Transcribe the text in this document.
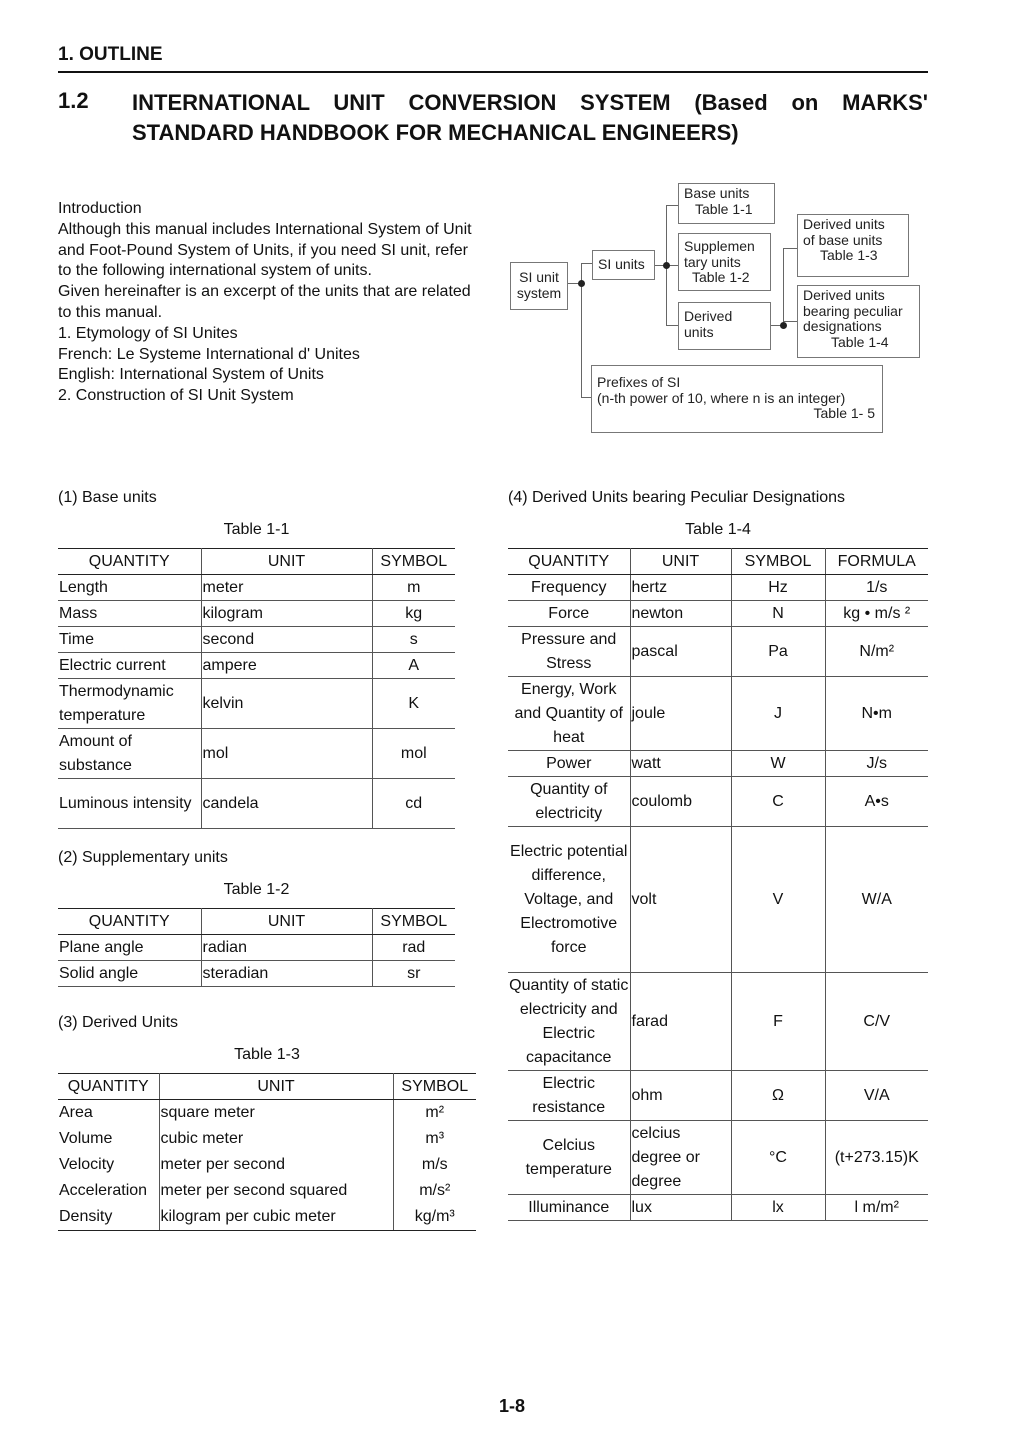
1. OUTLINE
1.2 INTERNATIONAL UNIT CONVERSION SYSTEM (Based on MARKS' STANDARD HANDBOOK FOR MECHANICAL ENGINEERS)
Introduction
Although this manual includes International System of Unit
and Foot-Pound System of Units, if you need SI unit, refer
to the following international system of units.
Given hereinafter is an excerpt of the units that are related
to this manual.
1. Etymology of SI Unites
French: Le Systeme International d' Unites
English: International System of Units
2. Construction of SI Unit System
SI unit
system
SI units
Base units
Table 1-1
Supplemen
tary units
Table 1-2
Derived
units
Derived units
of base units
Table 1-3
Derived units
bearing peculiar
designations
Table 1-4
Prefixes of SI
(n-th power of 10, where n is an integer)
Table 1- 5
(1) Base units
Table 1-1
QUANTITY	UNIT	SYMBOL
Length	meter	m
Mass	kilogram	kg
Time	second	s
Electric current	ampere	A
Thermodynamic temperature	kelvin	K
Amount of substance	mol	mol
Luminous intensity	candela	cd
(2) Supplementary units
Table 1-2
QUANTITY	UNIT	SYMBOL
Plane angle	radian	rad
Solid angle	steradian	sr
(3) Derived Units
Table 1-3
QUANTITY	UNIT	SYMBOL
Area	square meter	m²
Volume	cubic meter	m³
Velocity	meter per second	m/s
Acceleration	meter per second squared	m/s²
Density	kilogram per cubic meter	kg/m³
(4) Derived Units bearing Peculiar Designations
Table 1-4
QUANTITY	UNIT	SYMBOL	FORMULA
Frequency	hertz	Hz	1/s
Force	newton	N	kg • m/s ²
Pressure and Stress	pascal	Pa	N/m²
Energy, Work and Quantity of heat	joule	J	N•m
Power	watt	W	J/s
Quantity of electricity	coulomb	C	A•s
Electric potential difference, Voltage, and Electromotive force	volt	V	W/A
Quantity of static electricity and Electric capacitance	farad	F	C/V
Electric resistance	ohm	Ω	V/A
Celcius temperature	celcius degree or degree	°C	(t+273.15)K
Illuminance	lux	lx	l m/m²
1-8
